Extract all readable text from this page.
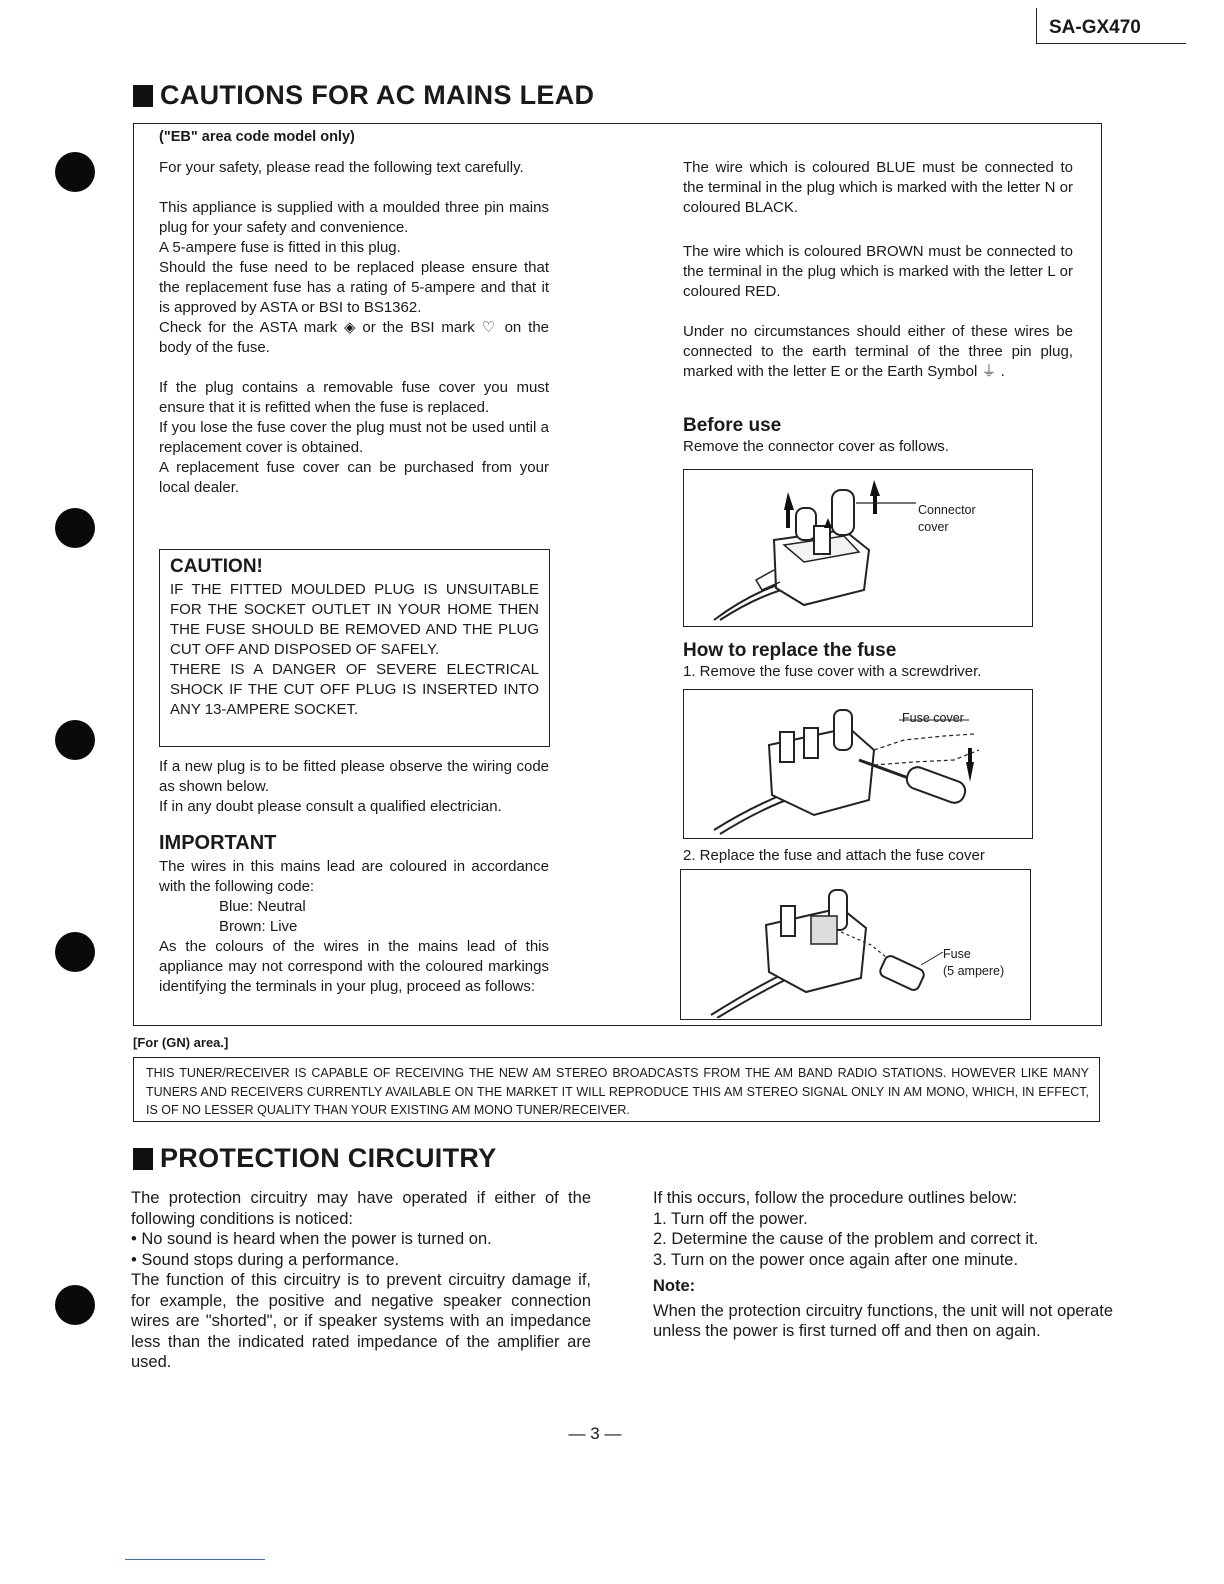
SA-GX470
CAUTIONS FOR AC MAINS LEAD
("EB" area code model only)

For your safety, please read the following text carefully.

This appliance is supplied with a moulded three pin mains plug for your safety and convenience.

A 5-ampere fuse is fitted in this plug.

Should the fuse need to be replaced please ensure that the replacement fuse has a rating of 5-ampere and that it is approved by ASTA or BSI to BS1362.

Check for the ASTA mark ◈ or the BSI mark ♡ on the body of the fuse.

If the plug contains a removable fuse cover you must ensure that it is refitted when the fuse is replaced.

If you lose the fuse cover the plug must not be used until a replacement cover is obtained.

A replacement fuse cover can be purchased from your local dealer.

CAUTION!

IF THE FITTED MOULDED PLUG IS UNSUITABLE FOR THE SOCKET OUTLET IN YOUR HOME THEN THE FUSE SHOULD BE REMOVED AND THE PLUG CUT OFF AND DISPOSED OF SAFELY.

THERE IS A DANGER OF SEVERE ELECTRICAL SHOCK IF THE CUT OFF PLUG IS INSERTED INTO ANY 13-AMPERE SOCKET.

If a new plug is to be fitted please observe the wiring code as shown below.

If in any doubt please consult a qualified electrician.

IMPORTANT

The wires in this mains lead are coloured in accordance with the following code:

Blue: Neutral

Brown: Live

As the colours of the wires in the mains lead of this appliance may not correspond with the coloured markings identifying the terminals in your plug, proceed as follows:

The wire which is coloured BLUE must be connected to the terminal in the plug which is marked with the letter N or coloured BLACK.

The wire which is coloured BROWN must be connected to the terminal in the plug which is marked with the letter L or coloured RED.

Under no circumstances should either of these wires be connected to the earth terminal of the three pin plug, marked with the letter E or the Earth Symbol ⏚ .

Before use

Remove the connector cover as follows.

Connector
cover
How to replace the fuse

1. Remove the fuse cover with a screwdriver.

Fuse cover

2. Replace the fuse and attach the fuse cover

Fuse
(5 ampere)
[For (GN) area.]
THIS TUNER/RECEIVER IS CAPABLE OF RECEIVING THE NEW AM STEREO BROADCASTS FROM THE AM BAND RADIO STATIONS. HOWEVER LIKE MANY TUNERS AND RECEIVERS CURRENTLY AVAILABLE ON THE MARKET IT WILL REPRODUCE THIS AM STEREO SIGNAL ONLY IN AM MONO, WHICH, IN EFFECT, IS OF NO LESSER QUALITY THAN YOUR EXISTING AM MONO TUNER/RECEIVER.
PROTECTION CIRCUITRY

The protection circuitry may have operated if either of the following conditions is noticed:

• No sound is heard when the power is turned on.
• Sound stops during a performance.

The function of this circuitry is to prevent circuitry damage if, for example, the positive and negative speaker connection wires are "shorted", or if speaker systems with an impedance less than the indicated rated impedance of the amplifier are used.

If this occurs, follow the procedure outlines below:

1. Turn off the power.
2. Determine the cause of the problem and correct it.
3. Turn on the power once again after one minute.
Note:

When the protection circuitry functions, the unit will not operate unless the power is first turned off and then on again.

— 3 —
